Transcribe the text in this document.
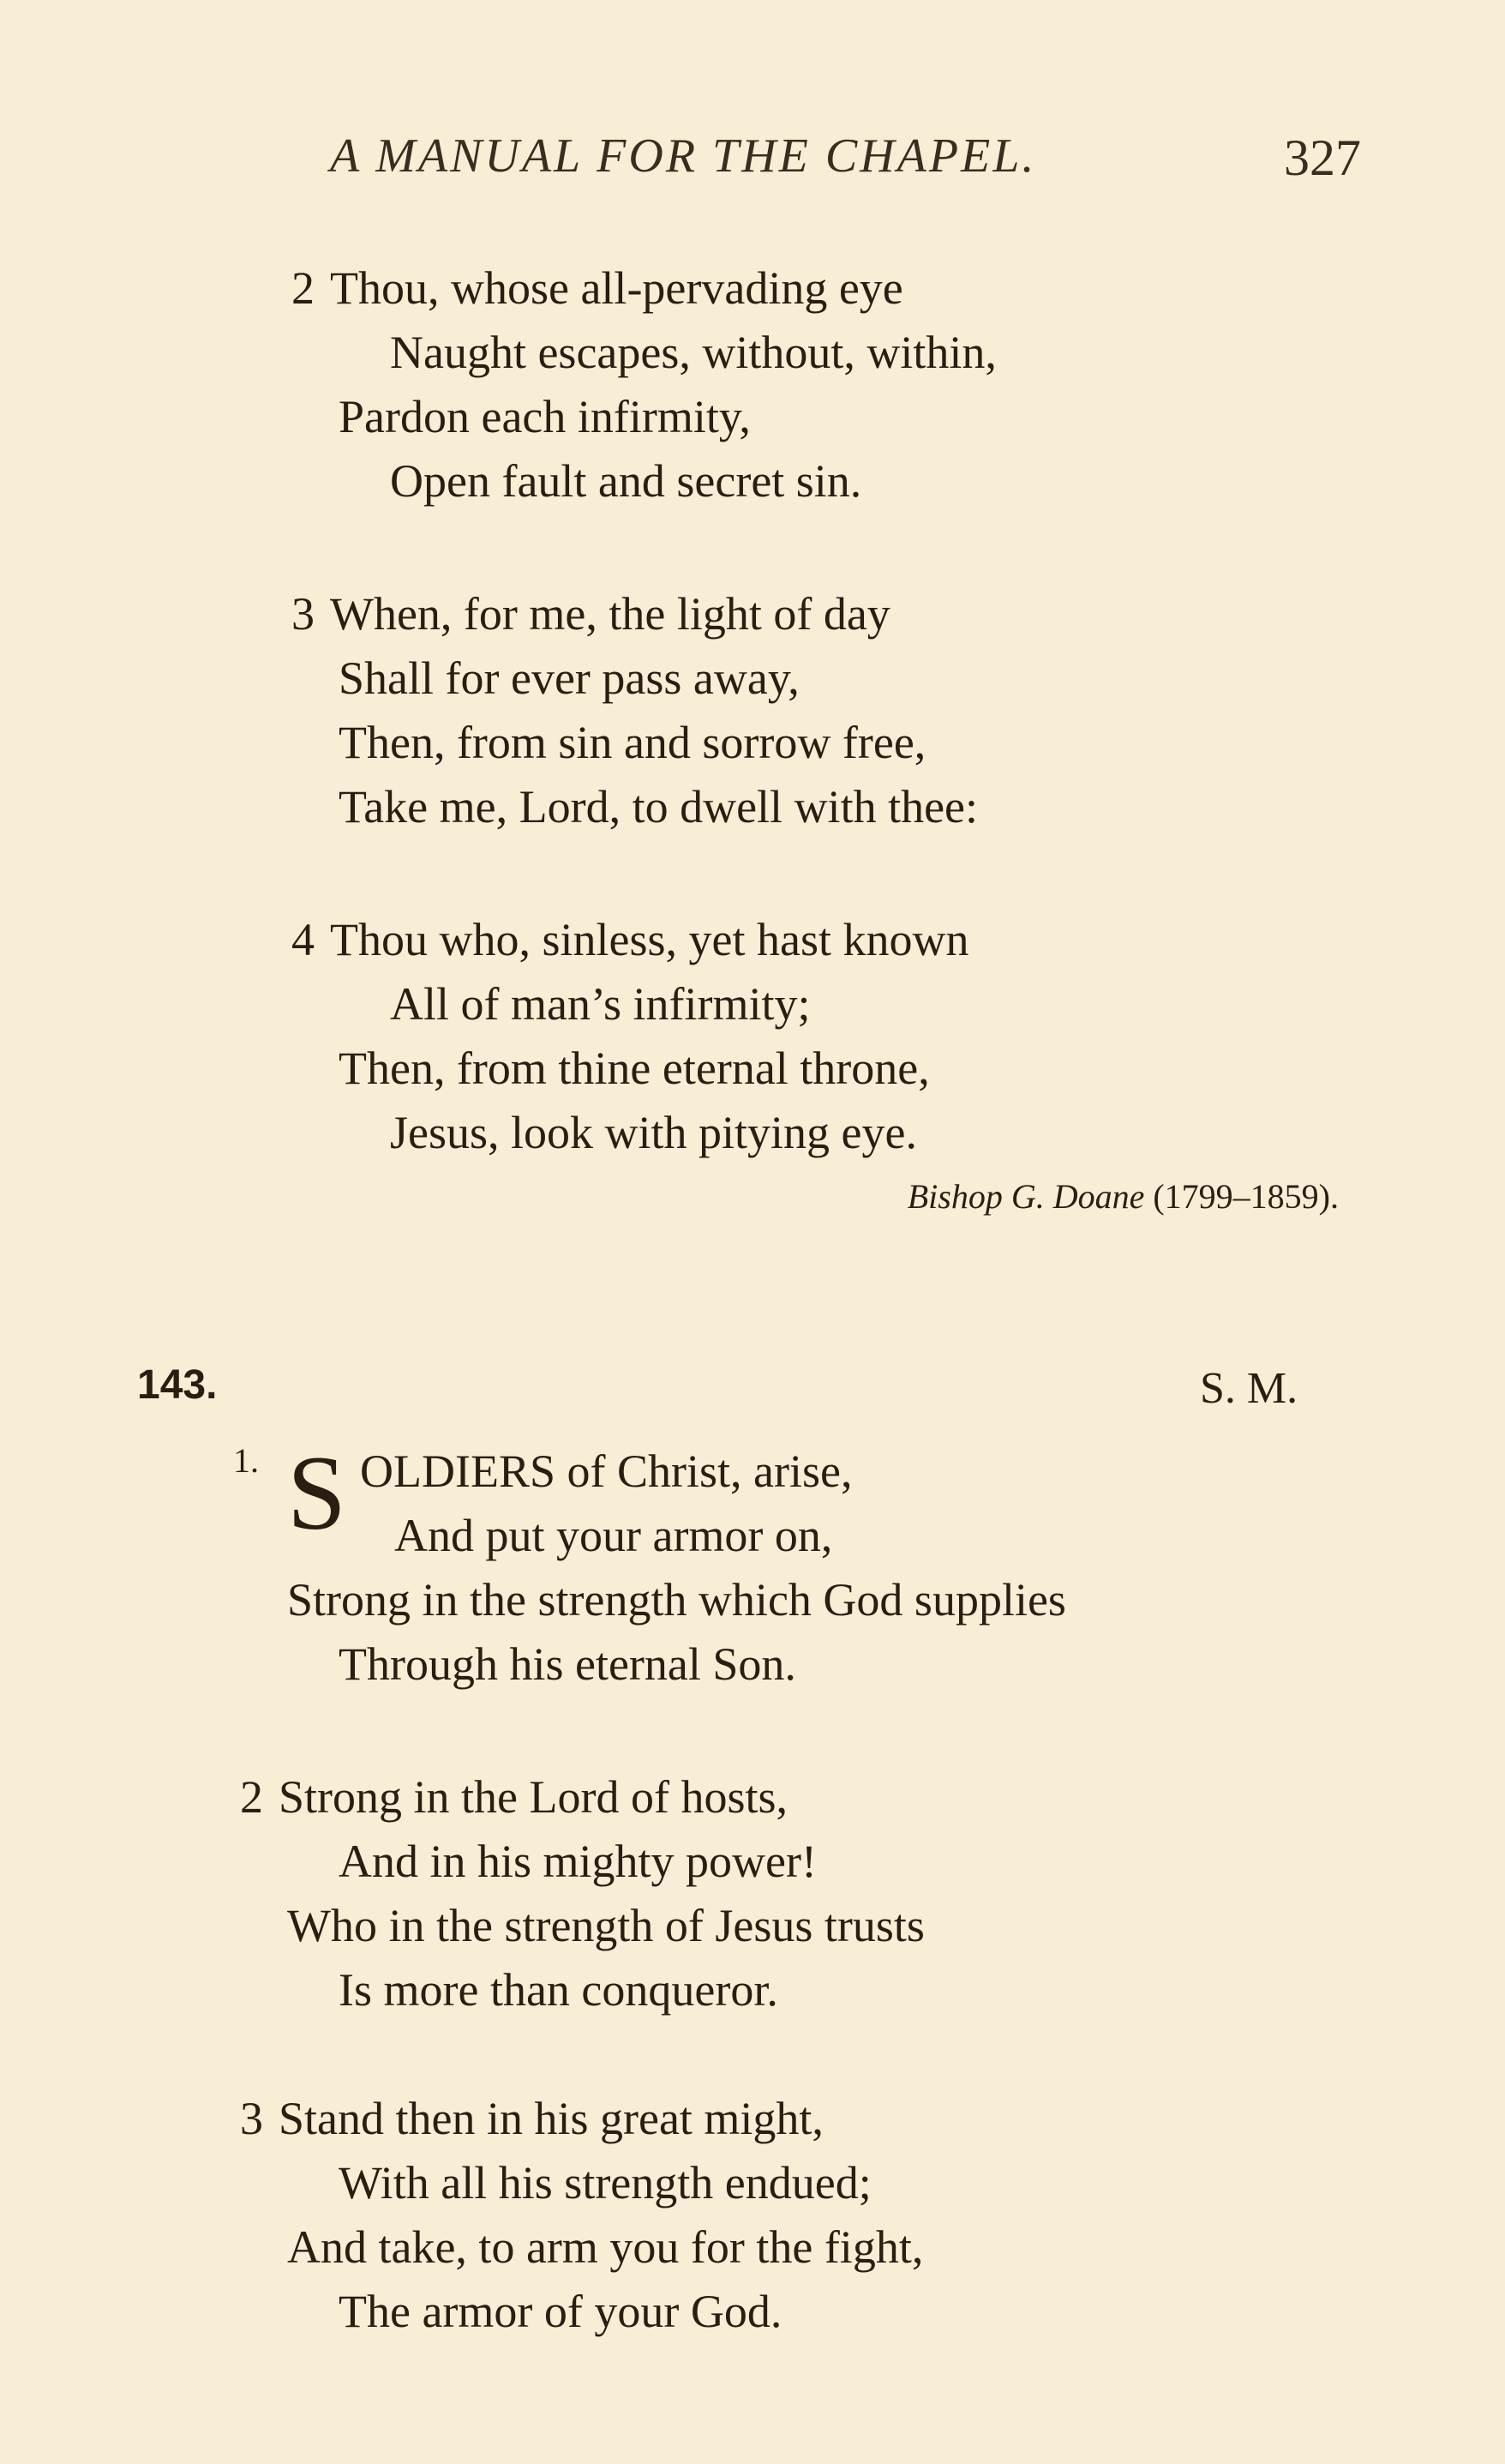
A MANUAL FOR THE CHAPEL.	327
2 Thou, whose all-pervading eye
Naught escapes, without, within,
Pardon each infirmity,
Open fault and secret sin.
3 When, for me, the light of day
Shall for ever pass away,
Then, from sin and sorrow free,
Take me, Lord, to dwell with thee:
4 Thou who, sinless, yet hast known
All of man’s infirmity;
Then, from thine eternal throne,
Jesus, look with pitying eye.
Bishop G. Doane (1799–1859).
143.	S. M.
1. S OLDIERS of Christ, arise,
And put your armor on,
Strong in the strength which God supplies
Through his eternal Son.
2 Strong in the Lord of hosts,
And in his mighty power!
Who in the strength of Jesus trusts
Is more than conqueror.
3 Stand then in his great might,
With all his strength endued;
And take, to arm you for the fight,
The armor of your God.
